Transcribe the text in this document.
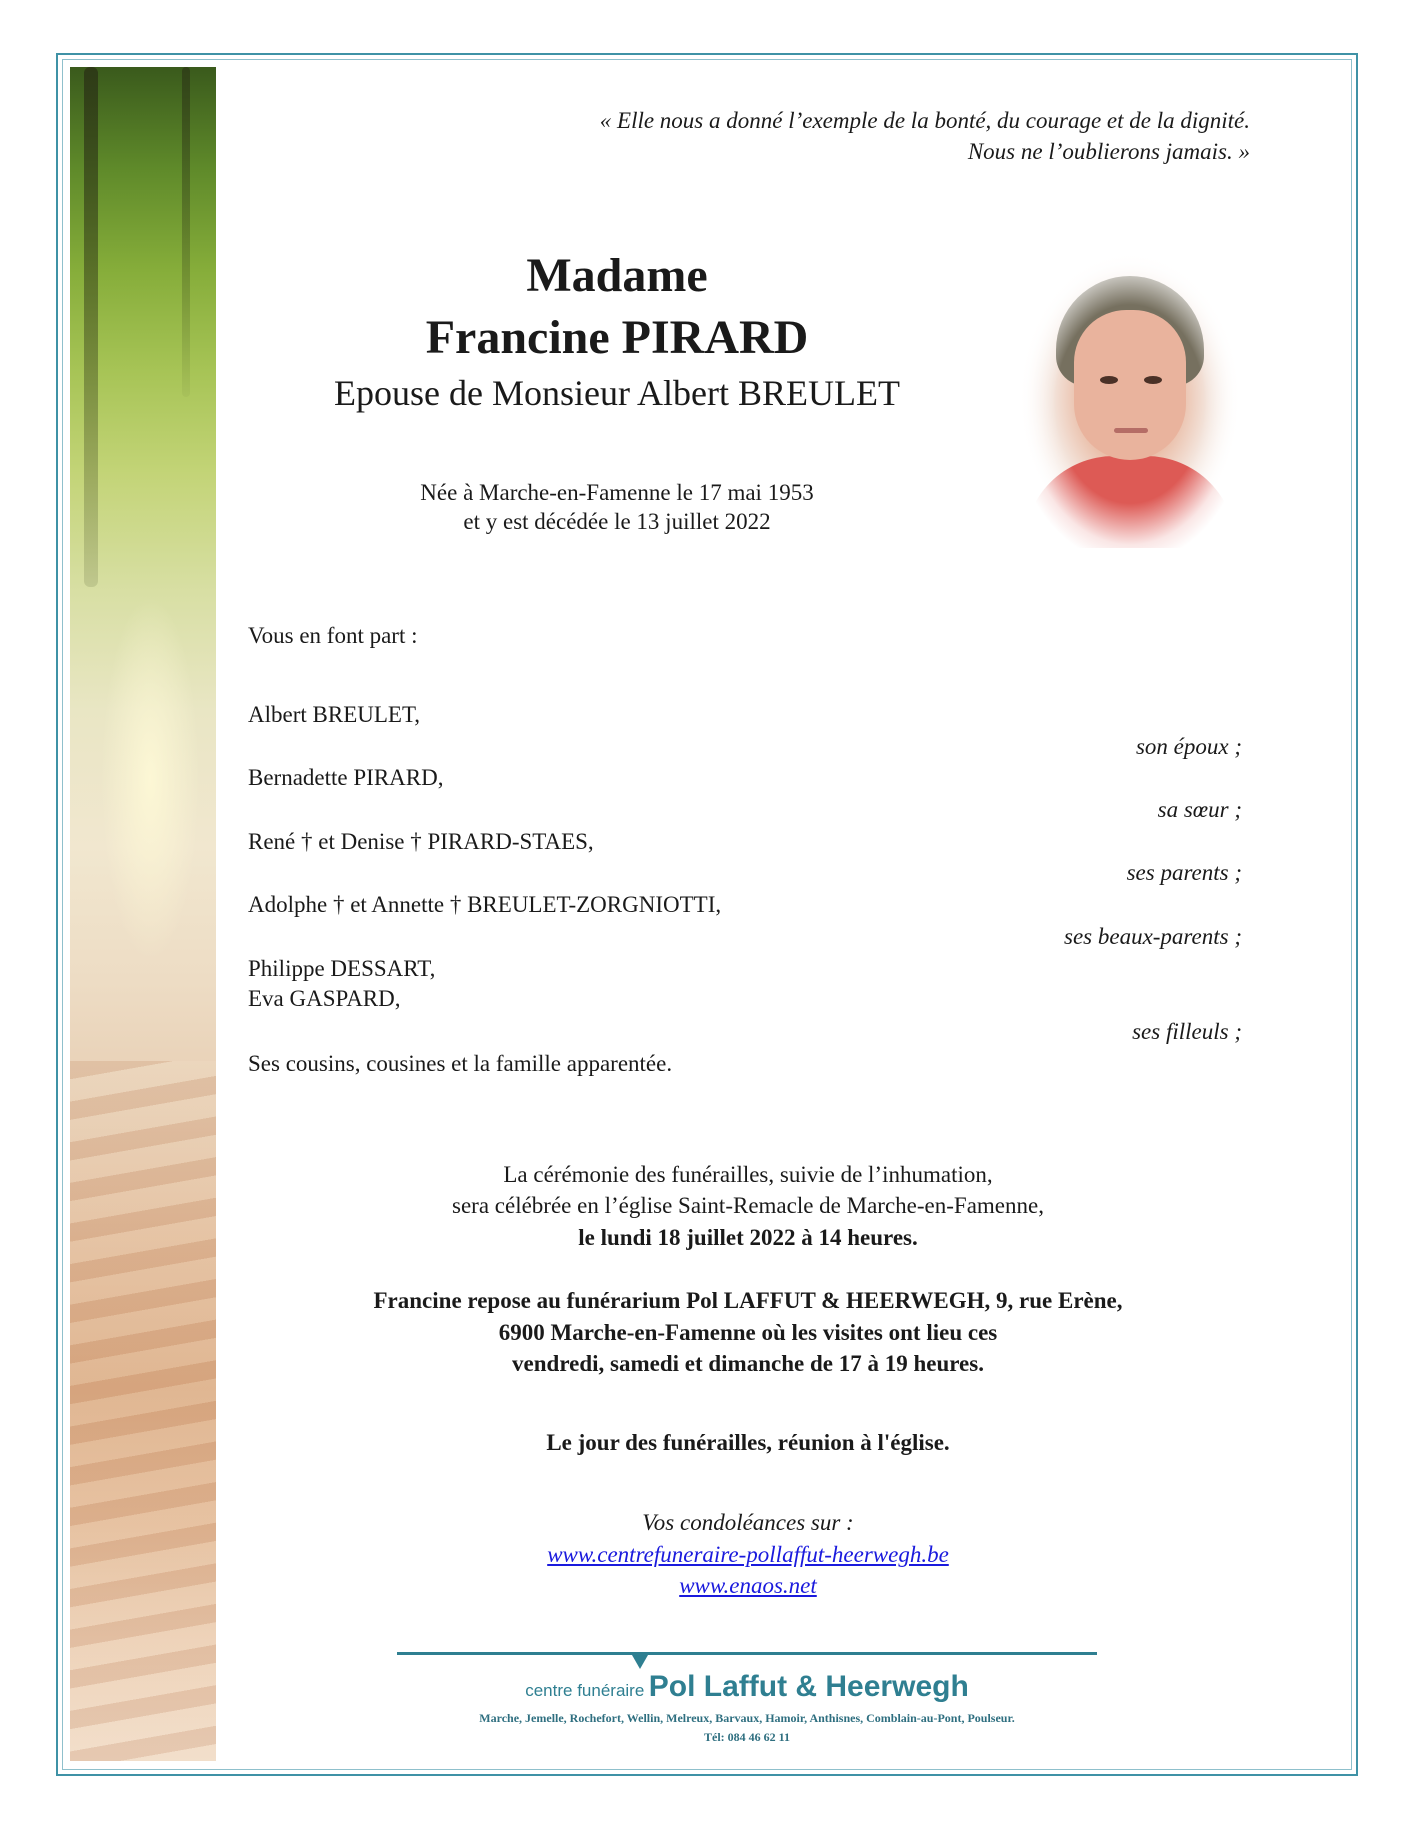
« Elle nous a donné l’exemple de la bonté, du courage et de la dignité.
Nous ne l’oublierons jamais. »
Madame
Francine PIRARD
Epouse de Monsieur Albert BREULET
Née à Marche-en-Famenne le 17 mai 1953
et y est décédée le 13 juillet 2022
Vous en font part :
Albert BREULET,
son époux ;
Bernadette PIRARD,
sa sœur ;
René † et Denise † PIRARD-STAES,
ses parents ;
Adolphe † et Annette † BREULET-ZORGNIOTTI,
ses beaux-parents ;
Philippe DESSART,
Eva GASPARD,
ses filleuls ;
Ses cousins, cousines et la famille apparentée.
La cérémonie des funérailles, suivie de l’inhumation,
sera célébrée en l’église Saint-Remacle de Marche-en-Famenne,
le lundi 18 juillet 2022 à 14 heures.
Francine repose au funérarium Pol LAFFUT & HEERWEGH, 9, rue Erène,
6900 Marche-en-Famenne où les visites ont lieu ces
vendredi, samedi et dimanche de 17 à 19 heures.
Le jour des funérailles, réunion à l'église.
Vos condoléances sur :
www.centrefuneraire-pollaffut-heerwegh.be
www.enaos.net
centre funéraire Pol Laffut & Heerwegh
Marche, Jemelle, Rochefort, Wellin, Melreux, Barvaux, Hamoir, Anthisnes, Comblain-au-Pont, Poulseur.
Tél: 084 46 62 11
